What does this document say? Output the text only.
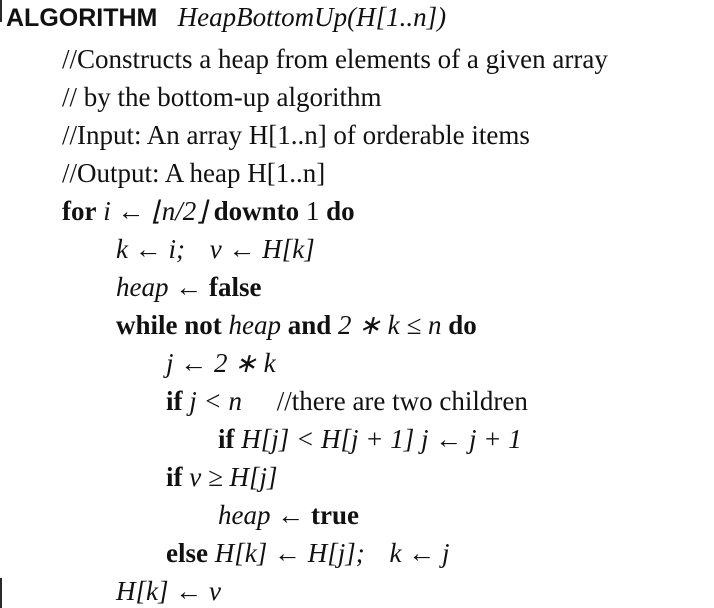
ALGORITHM HeapBottomUp(H[1..n])
//Constructs a heap from elements of a given array
// by the bottom-up algorithm
//Input: An array H[1..n] of orderable items
//Output: A heap H[1..n]
for i ← ⌊n/2⌋ downto 1 do
k ← i; v ← H[k]
heap ← false
while not heap and 2 ∗ k ≤ n do
j ← 2 ∗ k
if j < n //there are two children
if H[j] < H[j + 1] j ← j + 1
if v ≥ H[j]
heap ← true
else H[k] ← H[j]; k ← j
H[k] ← v
